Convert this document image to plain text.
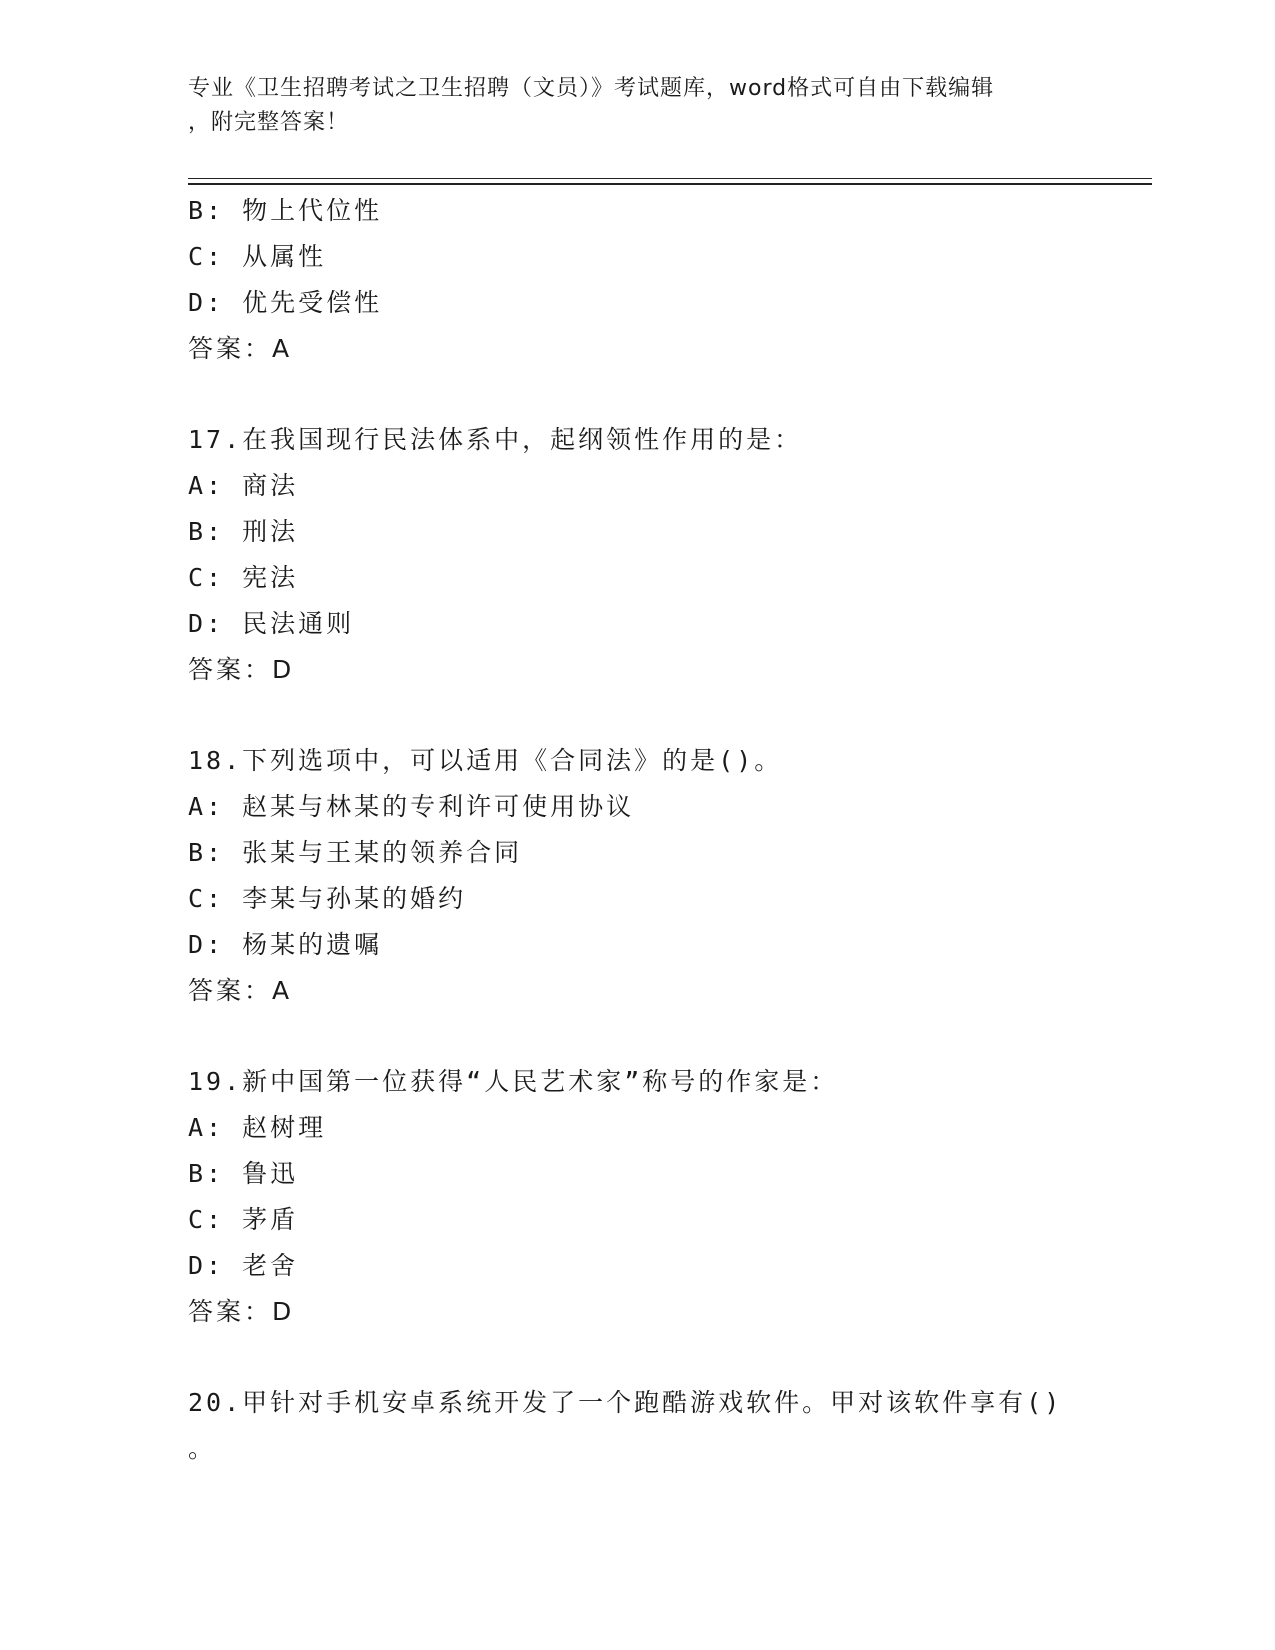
专业《卫生招聘考试之卫生招聘（文员）》考试题库，word格式可自由下载编辑
，附完整答案！
B: 物上代位性
C: 从属性
D: 优先受偿性
答案：A
17.在我国现行民法体系中，起纲领性作用的是：
A: 商法
B: 刑法
C: 宪法
D: 民法通则
答案：D
18.下列选项中，可以适用《合同法》的是()。
A: 赵某与林某的专利许可使用协议
B: 张某与王某的领养合同
C: 李某与孙某的婚约
D: 杨某的遗嘱
答案：A
19.新中国第一位获得“人民艺术家”称号的作家是：
A: 赵树理
B: 鲁迅
C: 茅盾
D: 老舍
答案：D
20.甲针对手机安卓系统开发了一个跑酷游戏软件。甲对该软件享有()
。
